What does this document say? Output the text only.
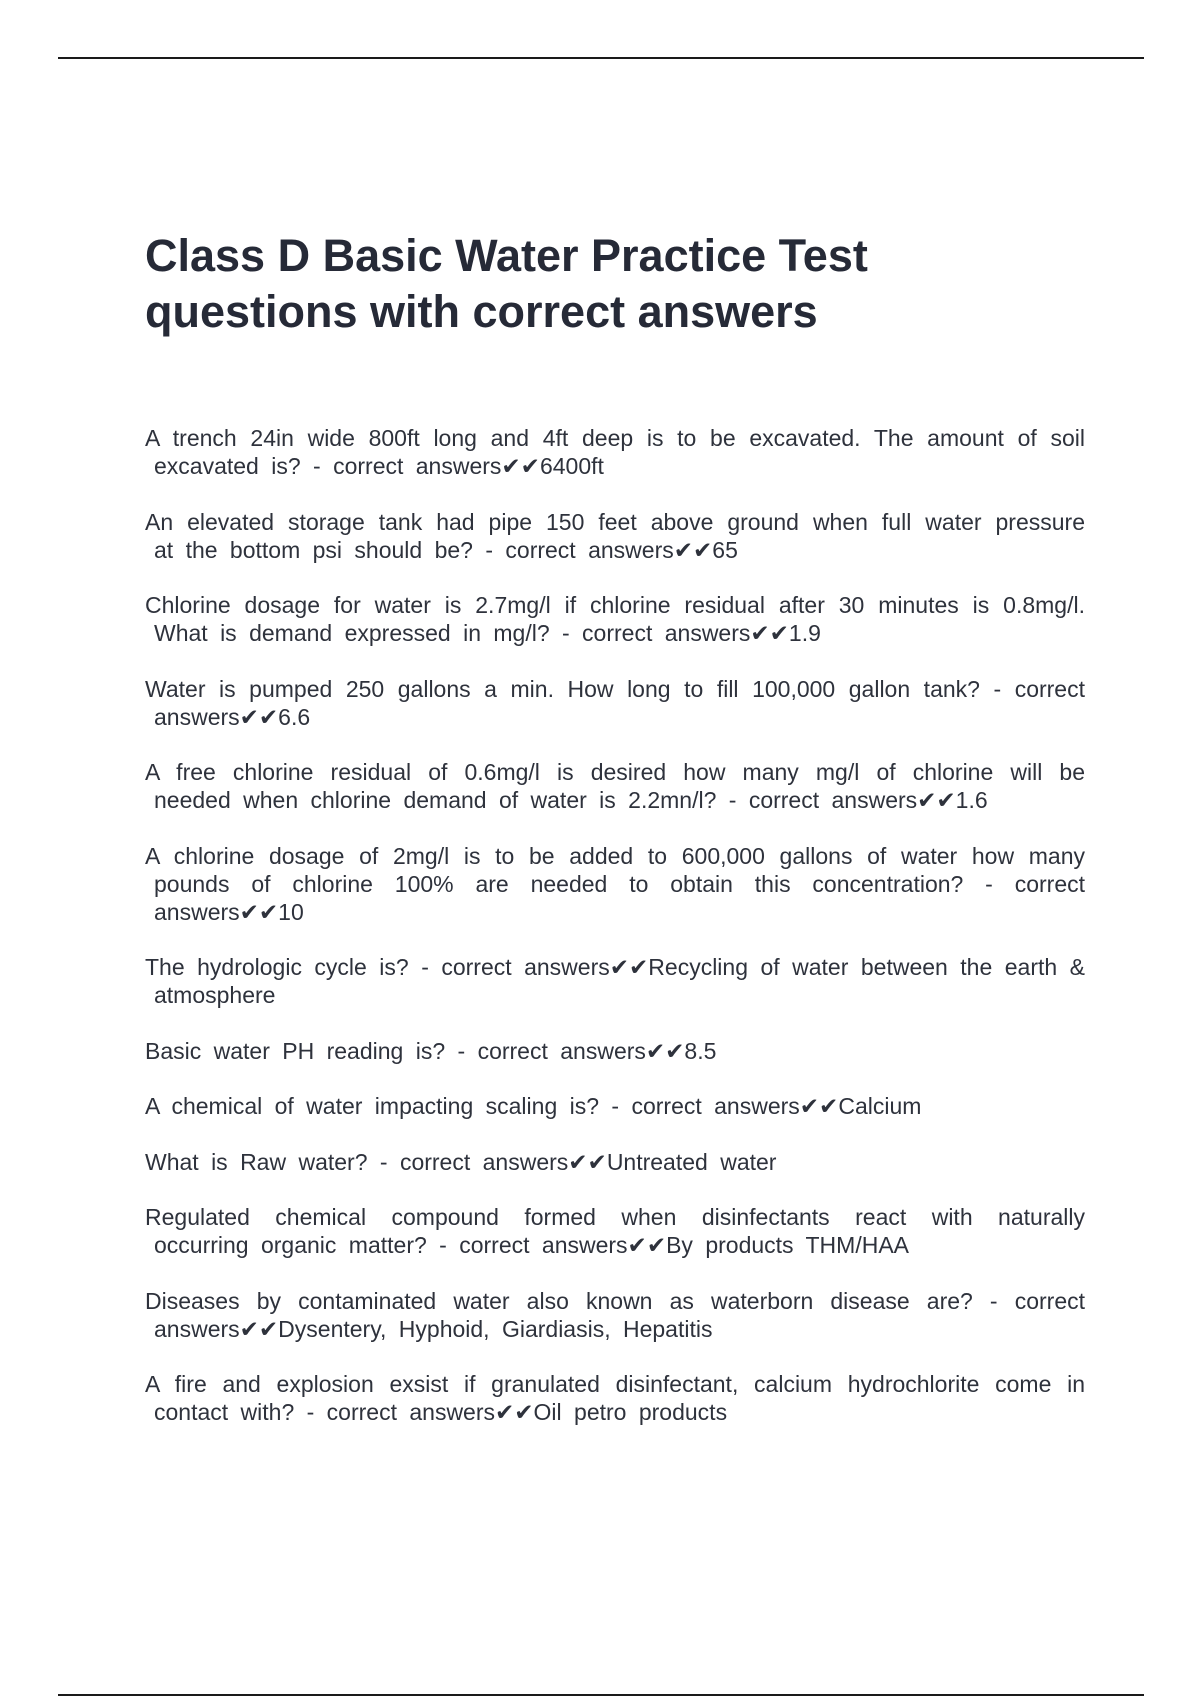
Class D Basic Water Practice Test questions with correct answers

A trench 24in wide 800ft long and 4ft deep is to be excavated. The amount of soil excavated is? - correct answers✔✔6400ft

An elevated storage tank had pipe 150 feet above ground when full water pressure at the bottom psi should be? - correct answers✔✔65

Chlorine dosage for water is 2.7mg/l if chlorine residual after 30 minutes is 0.8mg/l. What is demand expressed in mg/l? - correct answers✔✔1.9

Water is pumped 250 gallons a min. How long to fill 100,000 gallon tank? - correct answers✔✔6.6

A free chlorine residual of 0.6mg/l is desired how many mg/l of chlorine will be needed when chlorine demand of water is 2.2mn/l? - correct answers✔✔1.6

A chlorine dosage of 2mg/l is to be added to 600,000 gallons of water how many pounds of chlorine 100% are needed to obtain this concentration? - correct answers✔✔10

The hydrologic cycle is? - correct answers✔✔Recycling of water between the earth & atmosphere

Basic water PH reading is? - correct answers✔✔8.5

A chemical of water impacting scaling is? - correct answers✔✔Calcium

What is Raw water? - correct answers✔✔Untreated water

Regulated chemical compound formed when disinfectants react with naturally occurring organic matter? - correct answers✔✔By products THM/HAA

Diseases by contaminated water also known as waterborn disease are? - correct answers✔✔Dysentery, Hyphoid, Giardiasis, Hepatitis

A fire and explosion exsist if granulated disinfectant, calcium hydrochlorite come in contact with? - correct answers✔✔Oil petro products
